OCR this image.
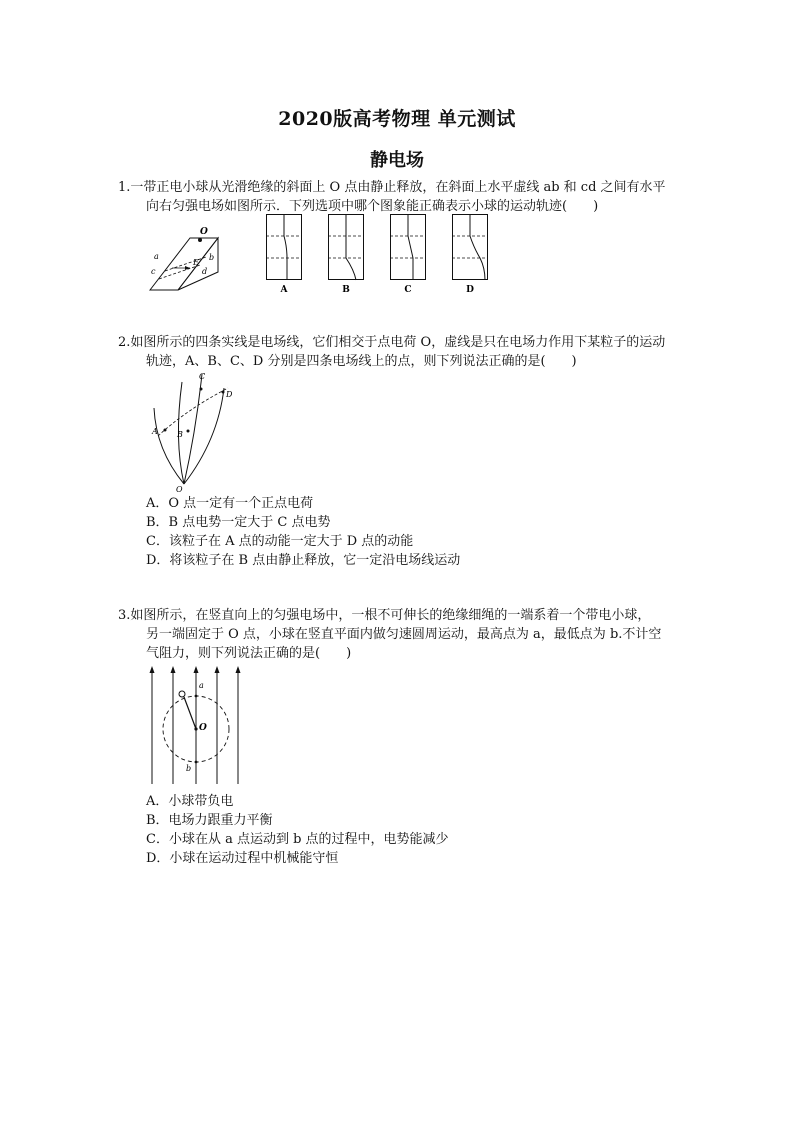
2020版高考物理 单元测试
静电场
1.一带正电小球从光滑绝缘的斜面上 O 点由静止释放，在斜面上水平虚线 ab 和 cd 之间有水平
向右匀强电场如图所示．下列选项中哪个图象能正确表示小球的运动轨迹(　　)
O
a	b
c	d
E
A	B	C	D
2.如图所示的四条实线是电场线，它们相交于点电荷 O，虚线是只在电场力作用下某粒子的运动
轨迹，A、B、C、D 分别是四条电场线上的点，则下列说法正确的是(　　)
A B
C
D
O
A．O 点一定有一个正点电荷
B．B 点电势一定大于 C 点电势
C．该粒子在 A 点的动能一定大于 D 点的动能
D．将该粒子在 B 点由静止释放，它一定沿电场线运动
3.如图所示，在竖直向上的匀强电场中，一根不可伸长的绝缘细绳的一端系着一个带电小球，
另一端固定于 O 点，小球在竖直平面内做匀速圆周运动，最高点为 a，最低点为 b.不计空
气阻力，则下列说法正确的是(　　)
a
O
b
A．小球带负电
B．电场力跟重力平衡
C．小球在从 a 点运动到 b 点的过程中，电势能减少
D．小球在运动过程中机械能守恒
